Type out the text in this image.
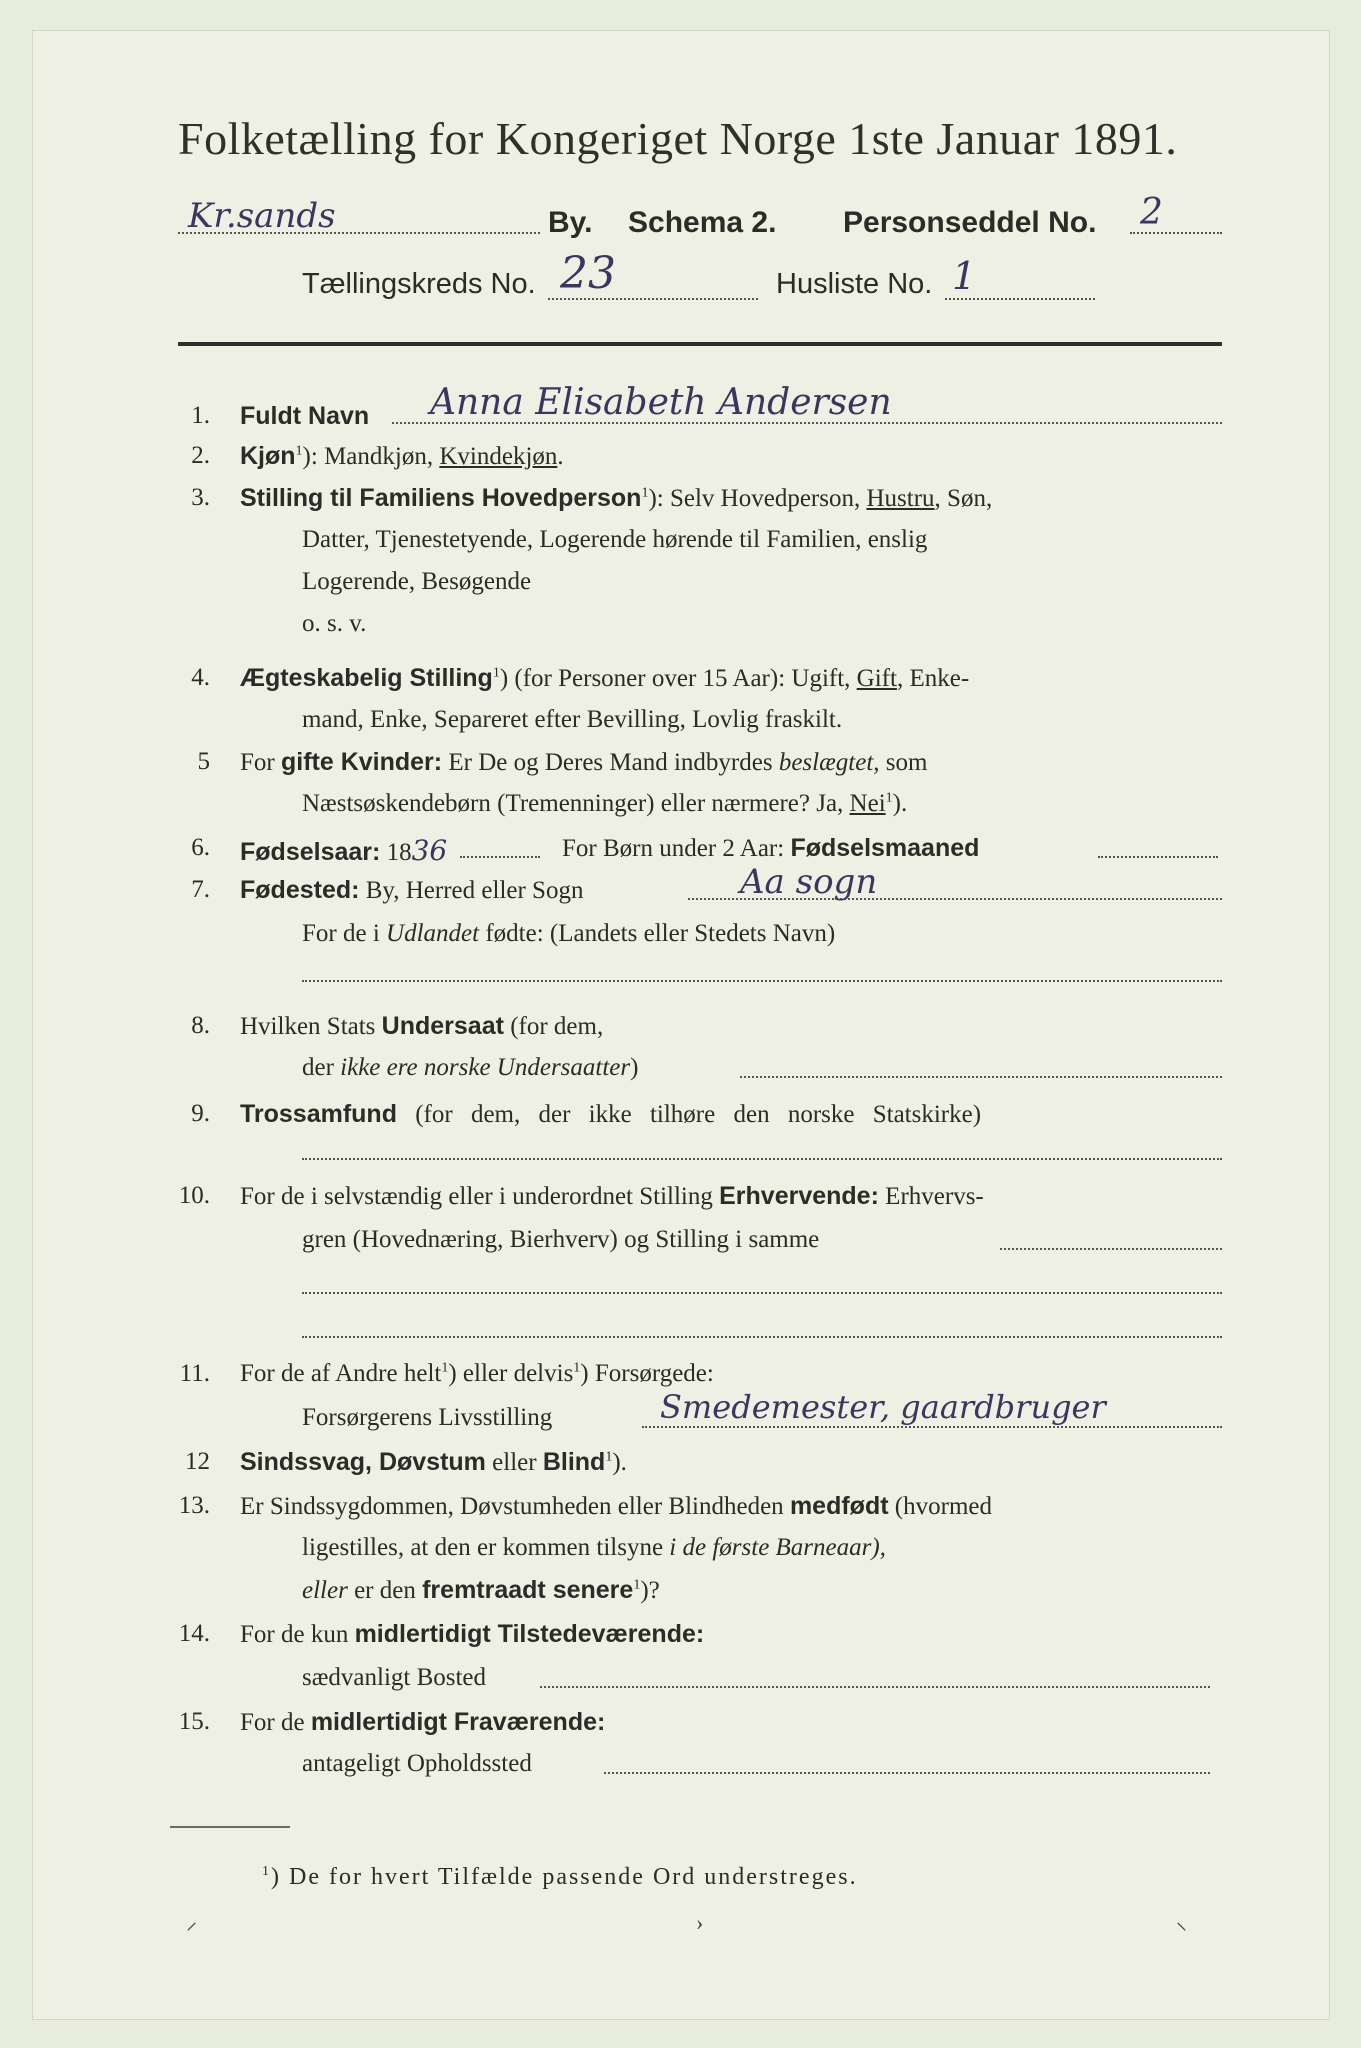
Folketælling for Kongeriget Norge 1ste Januar 1891.
Kr.sands	By. Schema 2. Personseddel No. 2
Tællingskreds No. 23	Husliste No. 1
1. Fuldt Navn Anna Elisabeth Andersen
2. Kjøn$^1$): Mandkjøn, Kvindekjøn.
3. Stilling til Familiens Hovedperson$^1$): Selv Hovedperson, Hustru, Søn,
Datter, Tjenestetyende, Logerende hørende til Familien, enslig
Logerende, Besøgende
o. s. v.
4. Ægteskabelig Stilling$^1$) (for Personer over 15 Aar): Ugift, Gift, Enke-
mand, Enke, Separeret efter Bevilling, Lovlig fraskilt.
5 For gifte Kvinder: Er De og Deres Mand indbyrdes beslægtet, som
Næstsøskendebørn (Tremenninger) eller nærmere? Ja, Nei$^1$).
6. Fødselsaar: 1836	For Børn under 2 Aar: Fødselsmaaned
7. Fødested: By, Herred eller Sogn	Aa sogn
For de i Udlandet fødte: (Landets eller Stedets Navn)
8. Hvilken Stats Undersaat (for dem,
der ikke ere norske Undersaatter)
9. Trossamfund (for dem, der ikke tilhøre den norske Statskirke)
10. For de i selvstændig eller i underordnet Stilling Erhvervende: Erhvervs-
gren (Hovednæring, Bierhverv) og Stilling i samme
11. For de af Andre helt$^1$) eller delvis$^1$) Forsørgede:
Forsørgerens Livsstilling	Smedemester, gaardbruger
12 Sindssvag, Døvstum eller Blind$^1$).
13. Er Sindssygdommen, Døvstumheden eller Blindheden medfødt (hvormed
ligestilles, at den er kommen tilsyne i de første Barneaar),
eller er den fremtraadt senere$^1$)?
14. For de kun midlertidigt Tilstedeværende:
sædvanligt Bosted
15. For de midlertidigt Fraværende:
antageligt Opholdssted
$^1$) De for hvert Tilfælde passende Ord understreges.
⸝	›	⸜
